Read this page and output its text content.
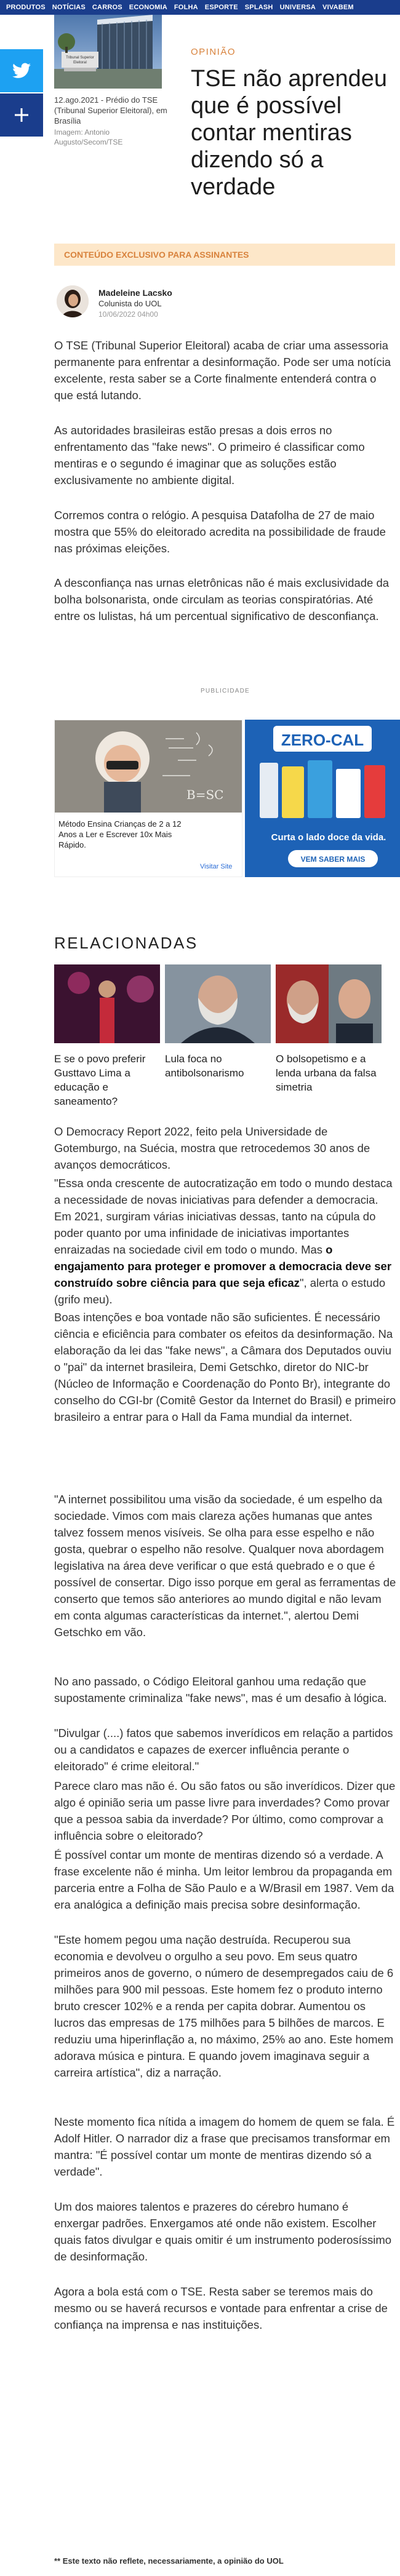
PRODUTOS NOTÍCIAS CARROS ECONOMIA FOLHA ESPORTE SPLASH UNIVERSA VIVABEM
Tribunal Superior
Eleitoral
12.ago.2021 - Prédio do TSE (Tribunal Superior Eleitoral), em Brasília
Imagem: Antonio Augusto/Secom/TSE
OPINIÃO
TSE não aprendeu que é possível contar mentiras dizendo só a verdade
CONTEÚDO EXCLUSIVO PARA ASSINANTES
Madeleine Lacsko
Colunista do UOL
10/06/2022 04h00

O TSE (Tribunal Superior Eleitoral) acaba de criar uma assessoria permanente para enfrentar a desinformação. Pode ser uma notícia excelente, resta saber se a Corte finalmente entenderá contra o que está lutando.

As autoridades brasileiras estão presas a dois erros no enfrentamento das "fake news". O primeiro é classificar como mentiras e o segundo é imaginar que as soluções estão exclusivamente no ambiente digital.

Corremos contra o relógio. A pesquisa Datafolha de 27 de maio mostra que 55% do eleitorado acredita na possibilidade de fraude nas próximas eleições.

A desconfiança nas urnas eletrônicas não é mais exclusividade da bolha bolsonarista, onde circulam as teorias conspiratórias. Até entre os lulistas, há um percentual significativo de desconfiança.

PUBLICIDADE
B=SC
Método Ensina Crianças de 2 a 12 Anos a Ler e Escrever 10x Mais Rápido.
Visitar Site
ZERO-CAL
Curta o lado doce da vida.
VEM SABER MAIS
RELACIONADAS
E se o povo preferir Gusttavo Lima a educação e saneamento?
Lula foca no antibolsonarismo
O bolsopetismo e a lenda urbana da falsa simetria

O Democracy Report 2022, feito pela Universidade de Gotemburgo, na Suécia, mostra que retrocedemos 30 anos de avanços democráticos.

"Essa onda crescente de autocratização em todo o mundo destaca a necessidade de novas iniciativas para defender a democracia. Em 2021, surgiram várias iniciativas dessas, tanto na cúpula do poder quanto por uma infinidade de iniciativas importantes enraizadas na sociedade civil em todo o mundo. Mas o engajamento para proteger e promover a democracia deve ser construído sobre ciência para que seja eficaz", alerta o estudo (grifo meu).

Boas intenções e boa vontade não são suficientes. É necessário ciência e eficiência para combater os efeitos da desinformação. Na elaboração da lei das "fake news", a Câmara dos Deputados ouviu o "pai" da internet brasileira, Demi Getschko, diretor do NIC-br (Núcleo de Informação e Coordenação do Ponto Br), integrante do conselho do CGI-br (Comitê Gestor da Internet do Brasil) e primeiro brasileiro a entrar para o Hall da Fama mundial da internet.

"A internet possibilitou uma visão da sociedade, é um espelho da sociedade. Vimos com mais clareza ações humanas que antes talvez fossem menos visíveis. Se olha para esse espelho e não gosta, quebrar o espelho não resolve. Qualquer nova abordagem legislativa na área deve verificar o que está quebrado e o que é possível de consertar. Digo isso porque em geral as ferramentas de conserto que temos são anteriores ao mundo digital e não levam em conta algumas características da internet.", alertou Demi Getschko em vão.

No ano passado, o Código Eleitoral ganhou uma redação que supostamente criminaliza "fake news", mas é um desafio à lógica.

"Divulgar (....) fatos que sabemos inverídicos em relação a partidos ou a candidatos e capazes de exercer influência perante o eleitorado" é crime eleitoral."

Parece claro mas não é. Ou são fatos ou são inverídicos. Dizer que algo é opinião seria um passe livre para inverdades? Como provar que a pessoa sabia da inverdade? Por último, como comprovar a influência sobre o eleitorado?

É possível contar um monte de mentiras dizendo só a verdade. A frase excelente não é minha. Um leitor lembrou da propaganda em parceria entre a Folha de São Paulo e a W/Brasil em 1987. Vem da era analógica a definição mais precisa sobre desinformação.

"Este homem pegou uma nação destruída. Recuperou sua economia e devolveu o orgulho a seu povo. Em seus quatro primeiros anos de governo, o número de desempregados caiu de 6 milhões para 900 mil pessoas. Este homem fez o produto interno bruto crescer 102% e a renda per capita dobrar. Aumentou os lucros das empresas de 175 milhões para 5 bilhões de marcos. E reduziu uma hiperinflação a, no máximo, 25% ao ano. Este homem adorava música e pintura. E quando jovem imaginava seguir a carreira artística", diz a narração.

Neste momento fica nítida a imagem do homem de quem se fala. É Adolf Hitler. O narrador diz a frase que precisamos transformar em mantra: "É possível contar um monte de mentiras dizendo só a verdade".

Um dos maiores talentos e prazeres do cérebro humano é enxergar padrões. Enxergamos até onde não existem. Escolher quais fatos divulgar e quais omitir é um instrumento poderosíssimo de desinformação.

Agora a bola está com o TSE. Resta saber se teremos mais do mesmo ou se haverá recursos e vontade para enfrentar a crise de confiança na imprensa e nas instituições.

** Este texto não reflete, necessariamente, a opinião do UOL
